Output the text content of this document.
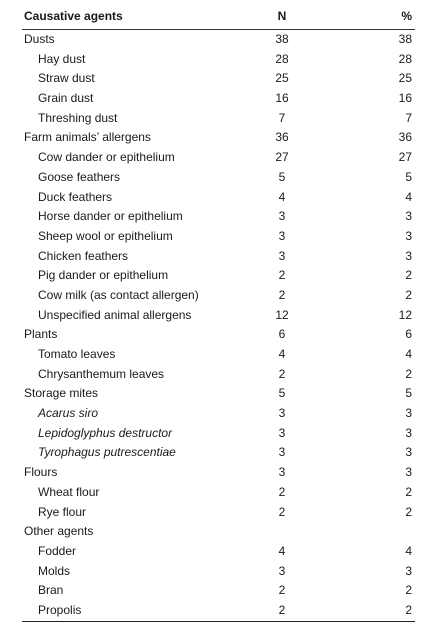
Causative agents	N	%
Dusts	38	38
Hay dust	28	28
Straw dust	25	25
Grain dust	16	16
Threshing dust	7	7
Farm animals’ allergens	36	36
Cow dander or epithelium	27	27
Goose feathers	5	5
Duck feathers	4	4
Horse dander or epithelium	3	3
Sheep wool or epithelium	3	3
Chicken feathers	3	3
Pig dander or epithelium	2	2
Cow milk (as contact allergen)	2	2
Unspecified animal allergens	12	12
Plants	6	6
Tomato leaves	4	4
Chrysanthemum leaves	2	2
Storage mites	5	5
Acarus siro	3	3
Lepidoglyphus destructor	3	3
Tyrophagus putrescentiae	3	3
Flours	3	3
Wheat flour	2	2
Rye flour	2	2
Other agents
Fodder	4	4
Molds	3	3
Bran	2	2
Propolis	2	2
